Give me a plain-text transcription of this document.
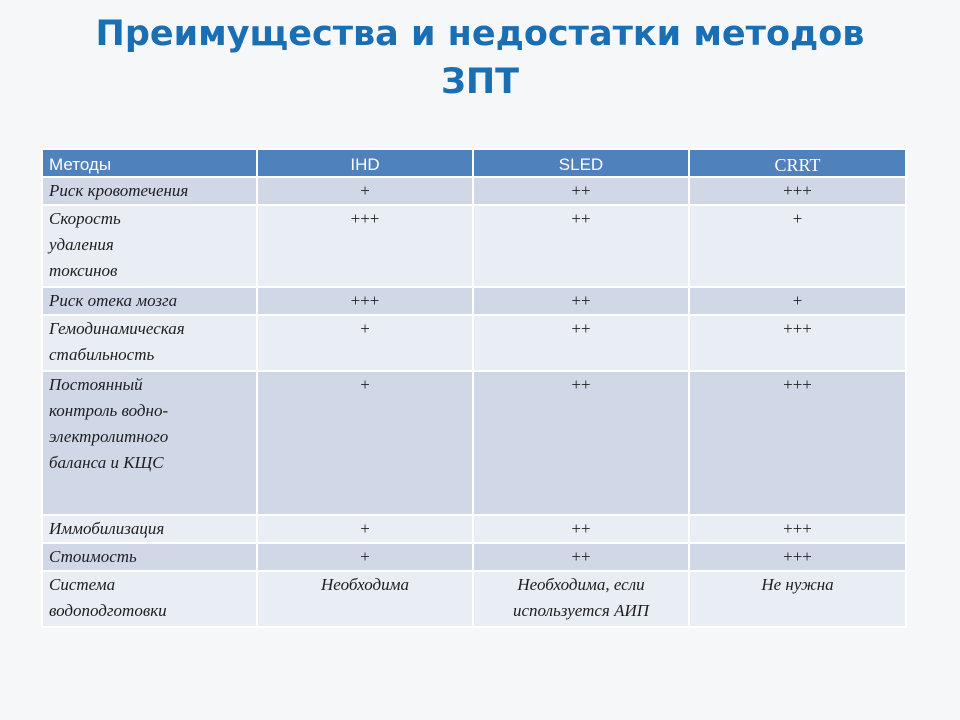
Преимущества и недостатки методов
ЗПТ
Методы	IHD	SLED	CRRT
Риск кровотечения	+	++	+++
Скорость удаления токсинов	+++	++	+
Риск отека мозга	+++	++	+
Гемодинамическая стабильность	+	++	+++
Постоянный контроль водно-электролитного баланса и КЩС	+	++	+++
Иммобилизация	+	++	+++
Стоимость	+	++	+++
Система водоподготовки	Необходима	Необходима, если используется АИП	Не нужна
